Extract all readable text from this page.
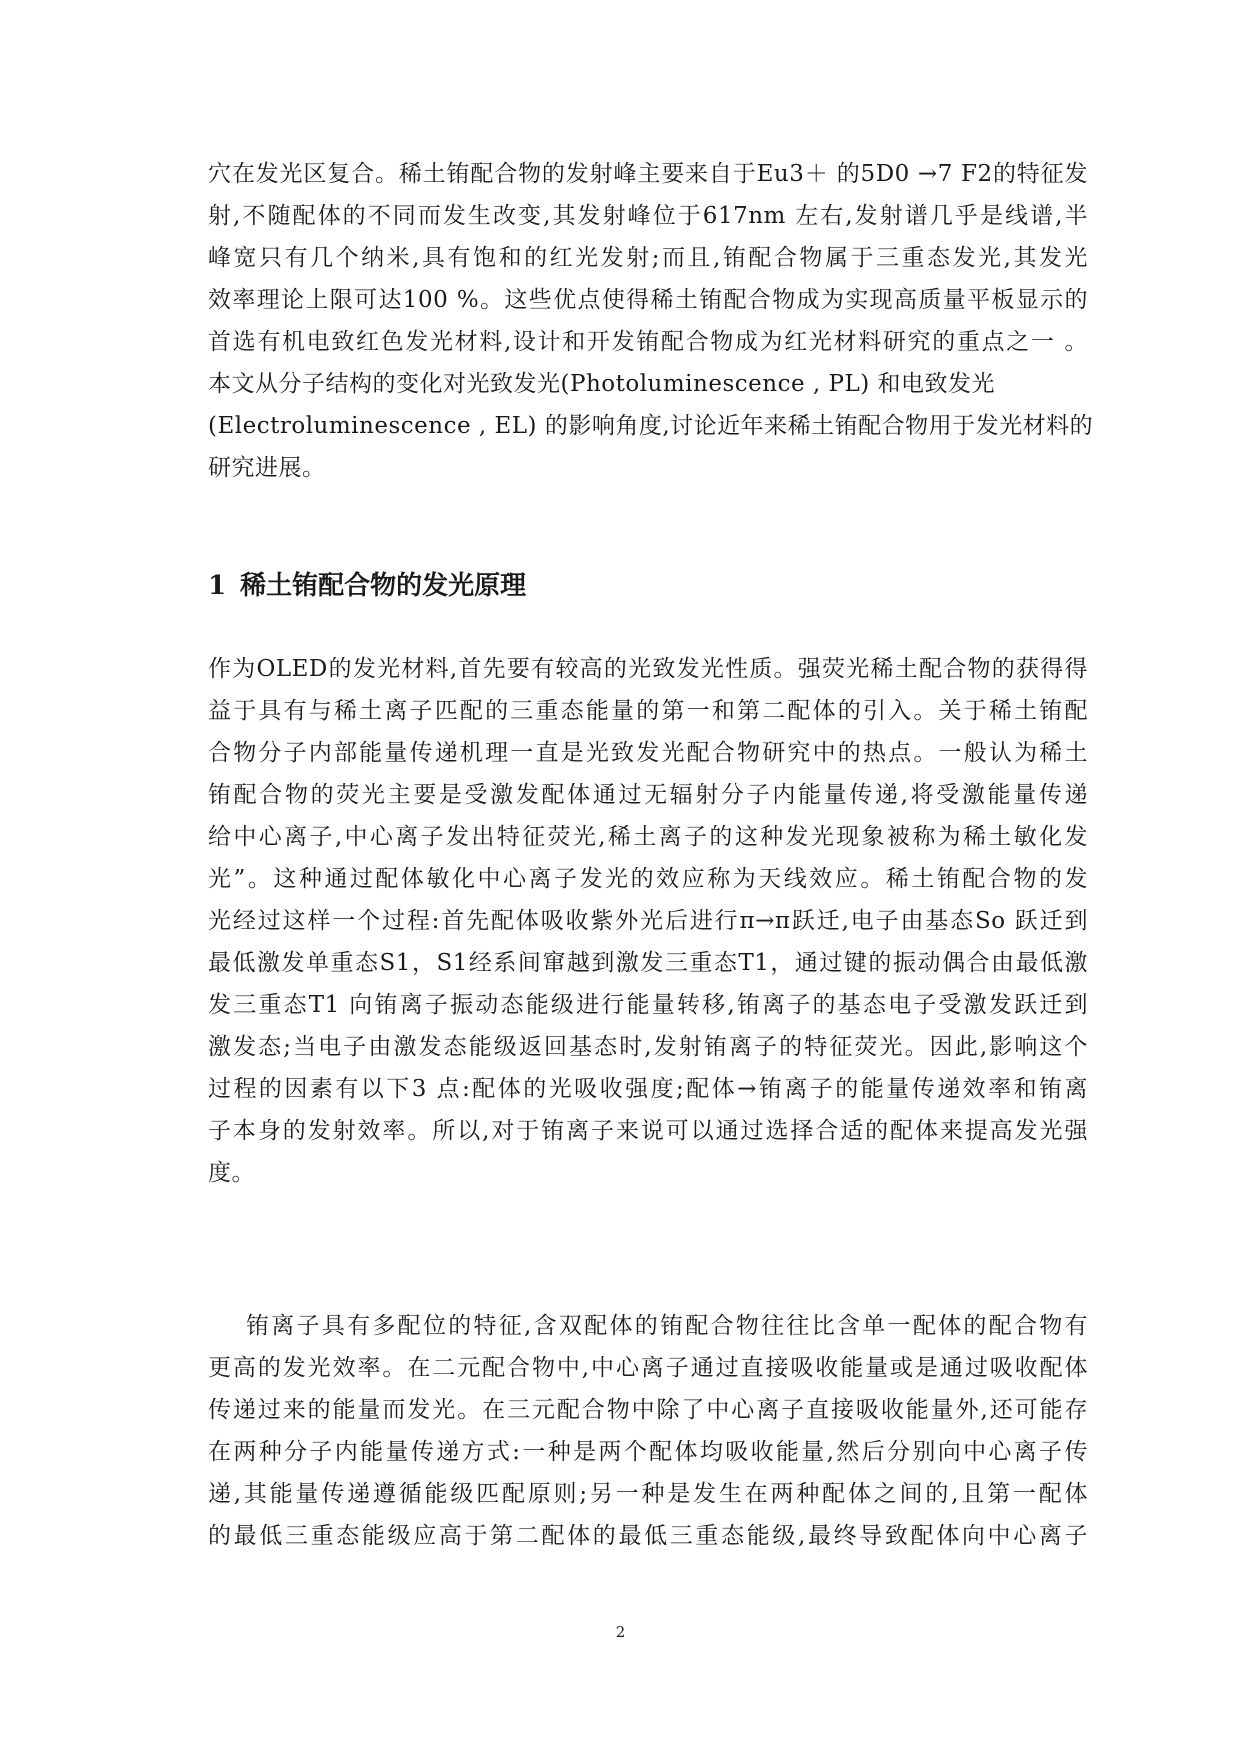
穴在发光区复合。稀土铕配合物的发射峰主要来自于Eu3＋ 的5D0 →7 F2的特征发
射,不随配体的不同而发生改变,其发射峰位于617nm 左右,发射谱几乎是线谱,半
峰宽只有几个纳米,具有饱和的红光发射;而且,铕配合物属于三重态发光,其发光
效率理论上限可达100 %。这些优点使得稀土铕配合物成为实现高质量平板显示的
首选有机电致红色发光材料,设计和开发铕配合物成为红光材料研究的重点之一 。
本文从分子结构的变化对光致发光(Photoluminescence , PL) 和电致发光
(Electroluminescence , EL) 的影响角度,讨论近年来稀土铕配合物用于发光材料的
研究进展。
1 稀土铕配合物的发光原理
作为OLED的发光材料,首先要有较高的光致发光性质。强荧光稀土配合物的获得得
益于具有与稀土离子匹配的三重态能量的第一和第二配体的引入。关于稀土铕配
合物分子内部能量传递机理一直是光致发光配合物研究中的热点。一般认为稀土
铕配合物的荧光主要是受激发配体通过无辐射分子内能量传递,将受激能量传递
给中心离子,中心离子发出特征荧光,稀土离子的这种发光现象被称为稀土敏化发
光”。这种通过配体敏化中心离子发光的效应称为天线效应。稀土铕配合物的发
光经过这样一个过程:首先配体吸收紫外光后进行π→π跃迁,电子由基态So 跃迁到
最低激发单重态S1，S1经系间窜越到激发三重态T1，通过键的振动偶合由最低激
发三重态T1 向铕离子振动态能级进行能量转移,铕离子的基态电子受激发跃迁到
激发态;当电子由激发态能级返回基态时,发射铕离子的特征荧光。因此,影响这个
过程的因素有以下3 点:配体的光吸收强度;配体→铕离子的能量传递效率和铕离
子本身的发射效率。所以,对于铕离子来说可以通过选择合适的配体来提高发光强
度。
铕离子具有多配位的特征,含双配体的铕配合物往往比含单一配体的配合物有
更高的发光效率。在二元配合物中,中心离子通过直接吸收能量或是通过吸收配体
传递过来的能量而发光。在三元配合物中除了中心离子直接吸收能量外,还可能存
在两种分子内能量传递方式:一种是两个配体均吸收能量,然后分别向中心离子传
递,其能量传递遵循能级匹配原则;另一种是发生在两种配体之间的,且第一配体
的最低三重态能级应高于第二配体的最低三重态能级,最终导致配体向中心离子
2
